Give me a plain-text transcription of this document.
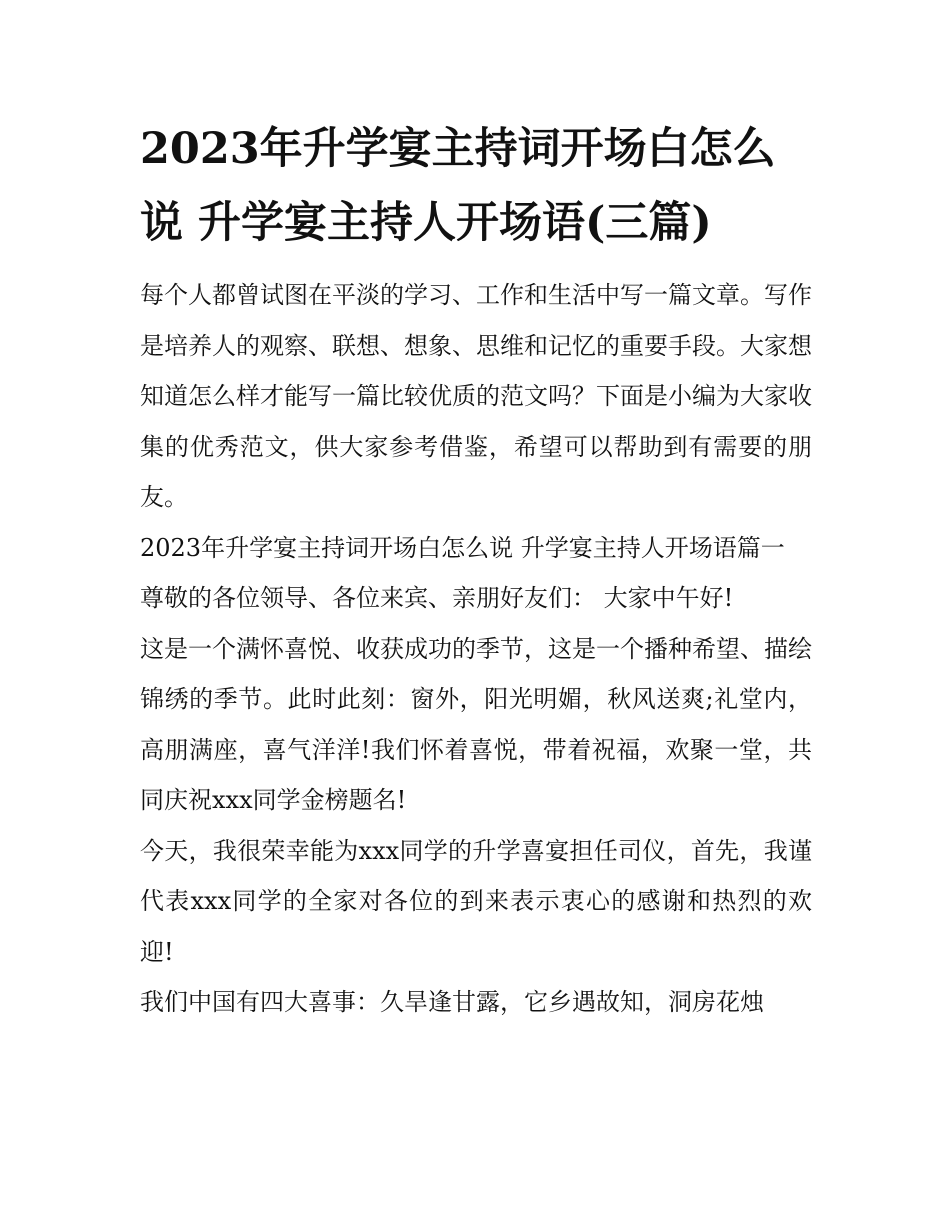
2023年升学宴主持词开场白怎么说 升学宴主持人开场语(三篇)

每个人都曾试图在平淡的学习、工作和生活中写一篇文章。写作是培养人的观察、联想、想象、思维和记忆的重要手段。大家想知道怎么样才能写一篇比较优质的范文吗？下面是小编为大家收集的优秀范文，供大家参考借鉴，希望可以帮助到有需要的朋友。

2023年升学宴主持词开场白怎么说 升学宴主持人开场语篇一

尊敬的各位领导、各位来宾、亲朋好友们： 大家中午好!

这是一个满怀喜悦、收获成功的季节，这是一个播种希望、描绘锦绣的季节。此时此刻：窗外，阳光明媚，秋风送爽;礼堂内，高朋满座，喜气洋洋!我们怀着喜悦，带着祝福，欢聚一堂，共同庆祝xxx同学金榜题名!

今天，我很荣幸能为xxx同学的升学喜宴担任司仪，首先，我谨代表xxx同学的全家对各位的到来表示衷心的感谢和热烈的欢迎!

我们中国有四大喜事：久旱逢甘露，它乡遇故知，洞房花烛
